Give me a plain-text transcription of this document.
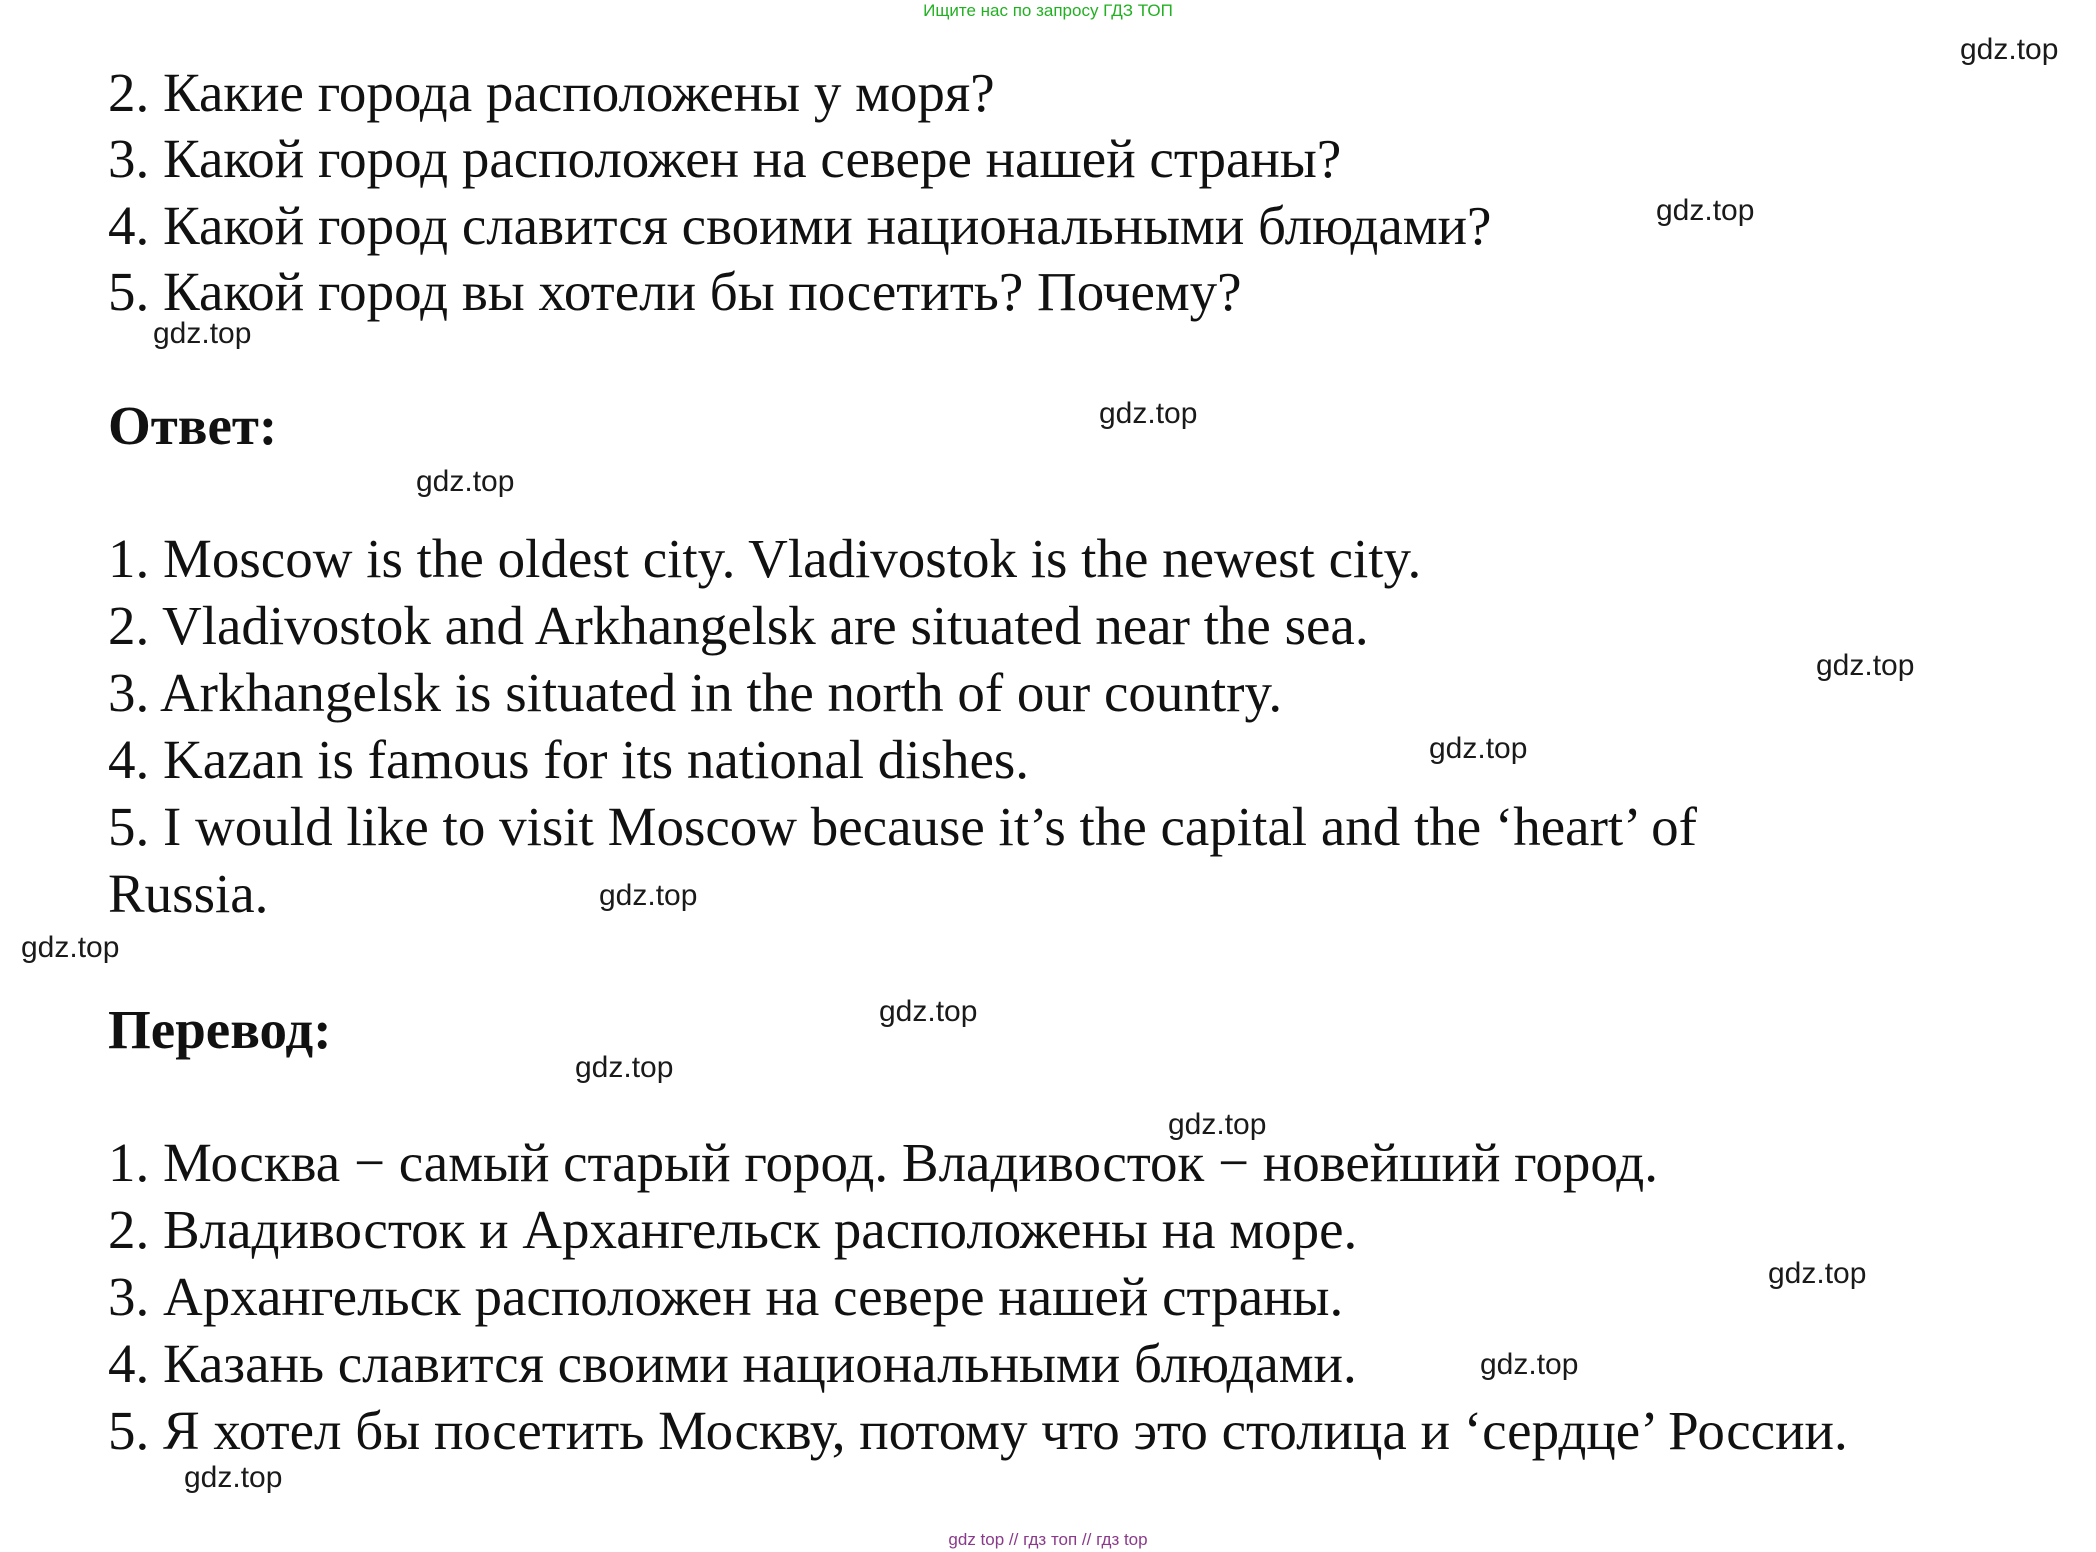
Ищите нас по запросу ГДЗ ТОП
2. Какие города расположены у моря?
3. Какой город расположен на севере нашей страны?
4. Какой город славится своими национальными блюдами?
5. Какой город вы хотели бы посетить? Почему?
Ответ:
1. Moscow is the oldest city. Vladivostok is the newest city.
2. Vladivostok and Arkhangelsk are situated near the sea.
3. Arkhangelsk is situated in the north of our country.
4. Kazan is famous for its national dishes.
5. I would like to visit Moscow because it’s the capital and the ‘heart’ of
Russia.
Перевод:
1. Москва − самый старый город. Владивосток − новейший город.
2. Владивосток и Архангельск расположены на море.
3. Архангельск расположен на севере нашей страны.
4. Казань славится своими национальными блюдами.
5. Я хотел бы посетить Москву, потому что это столица и ‘сердце’ России.
gdz.top
gdz.top
gdz.top
gdz.top
gdz.top
gdz.top
gdz.top
gdz.top
gdz.top
gdz.top
gdz.top
gdz.top
gdz.top
gdz.top
gdz.top
gdz top // гдз топ // гдз top
